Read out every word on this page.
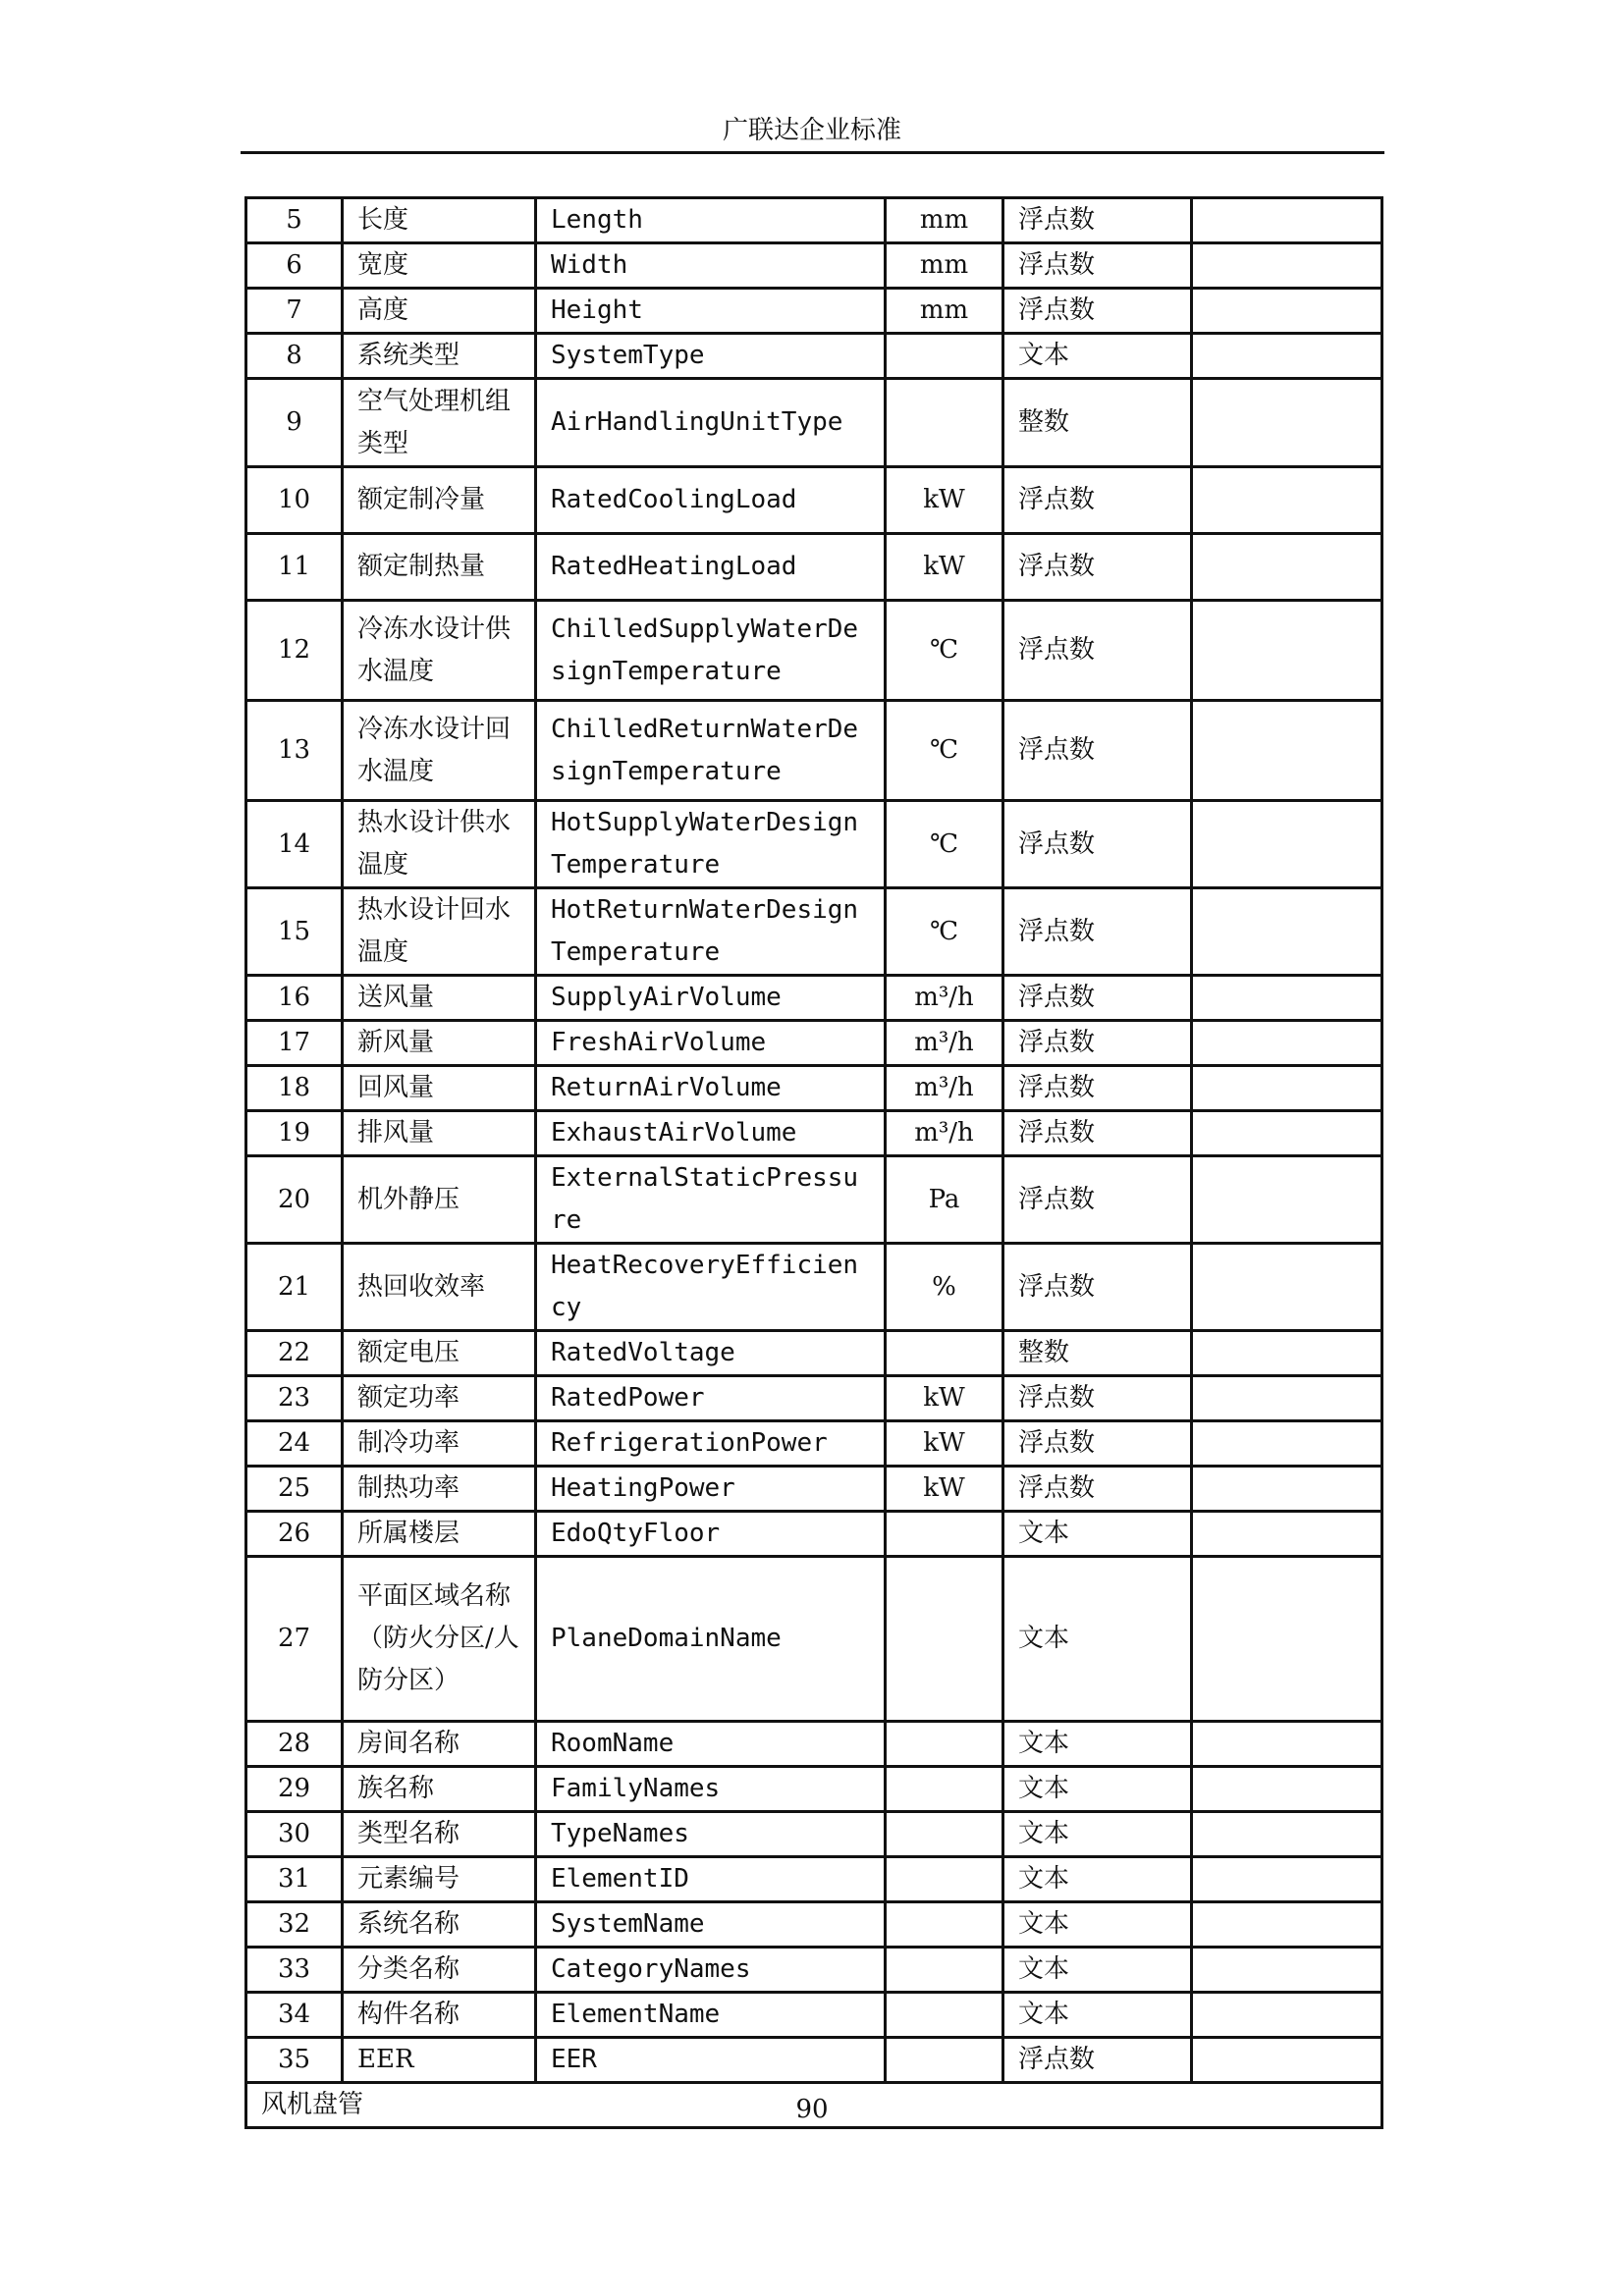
广联达企业标准
5	长度	Length	mm	浮点数	
6	宽度	Width	mm	浮点数	
7	高度	Height	mm	浮点数	
8	系统类型	SystemType		文本	
9	空气处理机组类型	AirHandlingUnitType		整数	
10	额定制冷量	RatedCoolingLoad	kW	浮点数	
11	额定制热量	RatedHeatingLoad	kW	浮点数	
12	冷冻水设计供水温度	ChilledSupplyWaterDesignTemperature	℃	浮点数	
13	冷冻水设计回水温度	ChilledReturnWaterDesignTemperature	℃	浮点数	
14	热水设计供水温度	HotSupplyWaterDesignTemperature	℃	浮点数	
15	热水设计回水温度	HotReturnWaterDesignTemperature	℃	浮点数	
16	送风量	SupplyAirVolume	m³/h	浮点数	
17	新风量	FreshAirVolume	m³/h	浮点数	
18	回风量	ReturnAirVolume	m³/h	浮点数	
19	排风量	ExhaustAirVolume	m³/h	浮点数	
20	机外静压	ExternalStaticPressure	Pa	浮点数	
21	热回收效率	HeatRecoveryEfficiency	%	浮点数	
22	额定电压	RatedVoltage		整数	
23	额定功率	RatedPower	kW	浮点数	
24	制冷功率	RefrigerationPower	kW	浮点数	
25	制热功率	HeatingPower	kW	浮点数	
26	所属楼层	EdoQtyFloor		文本	
27	平面区域名称（防火分区/人防分区）	PlaneDomainName		文本	
28	房间名称	RoomName		文本	
29	族名称	FamilyNames		文本	
30	类型名称	TypeNames		文本	
31	元素编号	ElementID		文本	
32	系统名称	SystemName		文本	
33	分类名称	CategoryNames		文本	
34	构件名称	ElementName		文本	
35	EER	EER		浮点数	
风机盘管						90
